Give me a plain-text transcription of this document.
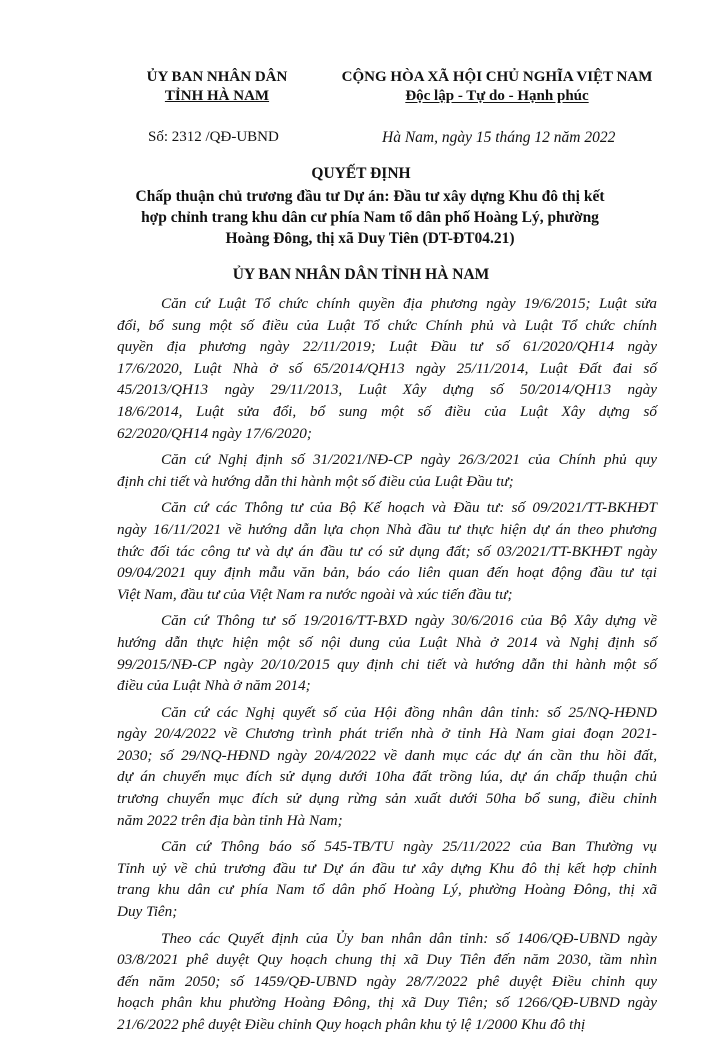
ỦY BAN NHÂN DÂN
TỈNH HÀ NAM
CỘNG HÒA XÃ HỘI CHỦ NGHĨA VIỆT NAM
Độc lập - Tự do - Hạnh phúc
Số: 2312 /QĐ-UBND	Hà Nam, ngày 15 tháng 12 năm 2022
QUYẾT ĐỊNH
Chấp thuận chủ trương đầu tư Dự án: Đầu tư xây dựng Khu đô thị kết
hợp chỉnh trang khu dân cư phía Nam tổ dân phố Hoàng Lý, phường
Hoàng Đông, thị xã Duy Tiên (DT-ĐT04.21)
ỦY BAN NHÂN DÂN TỈNH HÀ NAM
Căn cứ Luật Tổ chức chính quyền địa phương ngày 19/6/2015; Luật sửa
đổi, bổ sung một số điều của Luật Tổ chức Chính phủ và Luật Tổ chức chính
quyền địa phương ngày 22/11/2019; Luật Đầu tư số 61/2020/QH14 ngày
17/6/2020, Luật Nhà ở số 65/2014/QH13 ngày 25/11/2014, Luật Đất đai số
45/2013/QH13 ngày 29/11/2013, Luật Xây dựng số 50/2014/QH13 ngày
18/6/2014, Luật sửa đổi, bổ sung một số điều của Luật Xây dựng số
62/2020/QH14 ngày 17/6/2020;
Căn cứ Nghị định số 31/2021/NĐ-CP ngày 26/3/2021 của Chính phủ quy
định chi tiết và hướng dẫn thi hành một số điều của Luật Đầu tư;
Căn cứ các Thông tư của Bộ Kế hoạch và Đầu tư: số 09/2021/TT-BKHĐT
ngày 16/11/2021 về hướng dẫn lựa chọn Nhà đầu tư thực hiện dự án theo phương
thức đối tác công tư và dự án đầu tư có sử dụng đất; số 03/2021/TT-BKHĐT ngày
09/04/2021 quy định mẫu văn bản, báo cáo liên quan đến hoạt động đầu tư tại
Việt Nam, đầu tư của Việt Nam ra nước ngoài và xúc tiến đầu tư;
Căn cứ Thông tư số 19/2016/TT-BXD ngày 30/6/2016 của Bộ Xây dựng về
hướng dẫn thực hiện một số nội dung của Luật Nhà ở 2014 và Nghị định số
99/2015/NĐ-CP ngày 20/10/2015 quy định chi tiết và hướng dẫn thi hành một số
điều của Luật Nhà ở năm 2014;
Căn cứ các Nghị quyết số của Hội đồng nhân dân tỉnh: số 25/NQ-HĐND
ngày 20/4/2022 về Chương trình phát triển nhà ở tỉnh Hà Nam giai đoạn 2021-
2030; số 29/NQ-HĐND ngày 20/4/2022 về danh mục các dự án cần thu hồi đất,
dự án chuyển mục đích sử dụng dưới 10ha đất trồng lúa, dự án chấp thuận chủ
trương chuyển mục đích sử dụng rừng sản xuất dưới 50ha bổ sung, điều chỉnh
năm 2022 trên địa bàn tỉnh Hà Nam;
Căn cứ Thông báo số 545-TB/TU ngày 25/11/2022 của Ban Thường vụ
Tỉnh uỷ về chủ trương đầu tư Dự án đầu tư xây dựng Khu đô thị kết hợp chỉnh
trang khu dân cư phía Nam tổ dân phố Hoàng Lý, phường Hoàng Đông, thị xã
Duy Tiên;
Theo các Quyết định của Ủy ban nhân dân tỉnh: số 1406/QĐ-UBND ngày
03/8/2021 phê duyệt Quy hoạch chung thị xã Duy Tiên đến năm 2030, tầm nhìn
đến năm 2050; số 1459/QĐ-UBND ngày 28/7/2022 phê duyệt Điều chỉnh quy
hoạch phân khu phường Hoàng Đông, thị xã Duy Tiên; số 1266/QĐ-UBND ngày
21/6/2022 phê duyệt Điều chỉnh Quy hoạch phân khu tỷ lệ 1/2000 Khu đô thị
